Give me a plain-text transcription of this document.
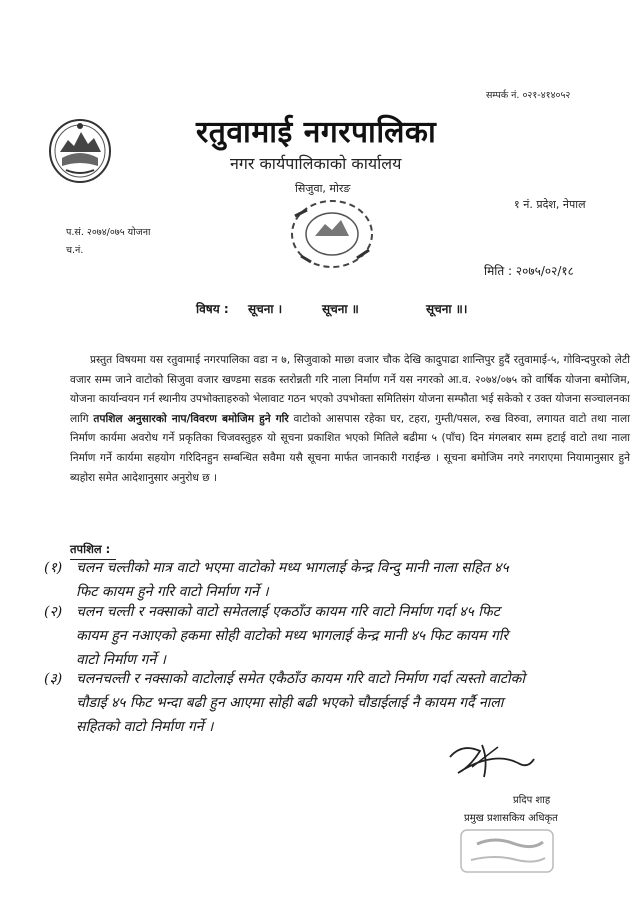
सम्पर्क नं. ०२१-४१४०५२
रतुवामाई नगरपालिका
नगर कार्यपालिकाको कार्यालय
सिजुवा, मोरङ
१ नं. प्रदेश, नेपाल
प.सं. २०७४/०७५ योजना
च.नं.
मिति : २०७५/०२/१८
विषय : सूचना ।	सूचना ॥	सूचना ॥।
प्रस्तुत विषयमा यस रतुवामाई नगरपालिका वडा न ७, सिजुवाको माछा वजार चौक देखि कादुपाढा शान्तिपुर हुदैं रतुवामाई-५, गोविन्दपुरको लेटी वजार सम्म जाने वाटोको सिजुवा वजार खण्डमा सडक स्तरोन्नती गरि नाला निर्माण गर्ने यस नगरको आ.व. २०७४/०७५ को वार्षिक योजना बमोजिम, योजना कार्यान्वयन गर्न स्थानीय उपभोक्ताहरुको भेलावाट गठन भएको उपभोक्ता समितिसंग योजना सम्फौता भई सकेको र उक्त योजना सञ्चालनका लागि तपशिल अनुसारको नाप/विवरण बमोजिम हुने गरि वाटोको आसपास रहेका घर, टहरा, गुम्ती/पसल, रुख विरुवा, लगायत वाटो तथा नाला निर्माण कार्यमा अवरोध गर्ने प्रकृतिका चिजवस्तुहरु यो सूचना प्रकाशित भएको मितिले बढीमा ५ (पाँच) दिन मंगलबार सम्म हटाई वाटो तथा नाला निर्माण गर्ने कार्यमा सहयोग गरिदिनहुन सम्बन्धित सवैमा यसै सूचना मार्फत जानकारी गराईन्छ । सूचना बमोजिम नगरे नगराएमा नियामानुसार हुने ब्यहोरा समेत आदेशानुसार अनुरोध छ ।
तपशिल :
(१) चलन चल्तीको मात्र वाटो भएमा वाटोको मध्य भागलाई केन्द्र विन्दु मानी नाला सहित ४५
फिट कायम हुने गरि वाटो निर्माण गर्ने ।
(२) चलन चल्ती र नक्साको वाटो समेतलाई एकठाँउ कायम गरि वाटो निर्माण गर्दा ४५ फिट
कायम हुन नआएको हकमा सोही वाटोको मध्य भागलाई केन्द्र मानी ४५ फिट कायम गरि
वाटो निर्माण गर्ने ।
(३) चलनचल्ती र नक्साको वाटोलाई समेत एकैठाँउ कायम गरि वाटो निर्माण गर्दा त्यस्तो वाटोको
चौडाई ४५ फिट भन्दा बढी हुन आएमा सोही बढी भएको चौडाईलाई नै कायम गर्दै नाला
सहितको वाटो निर्माण गर्ने ।
प्रदिप शाह
प्रमुख प्रशासकिय अधिकृत
